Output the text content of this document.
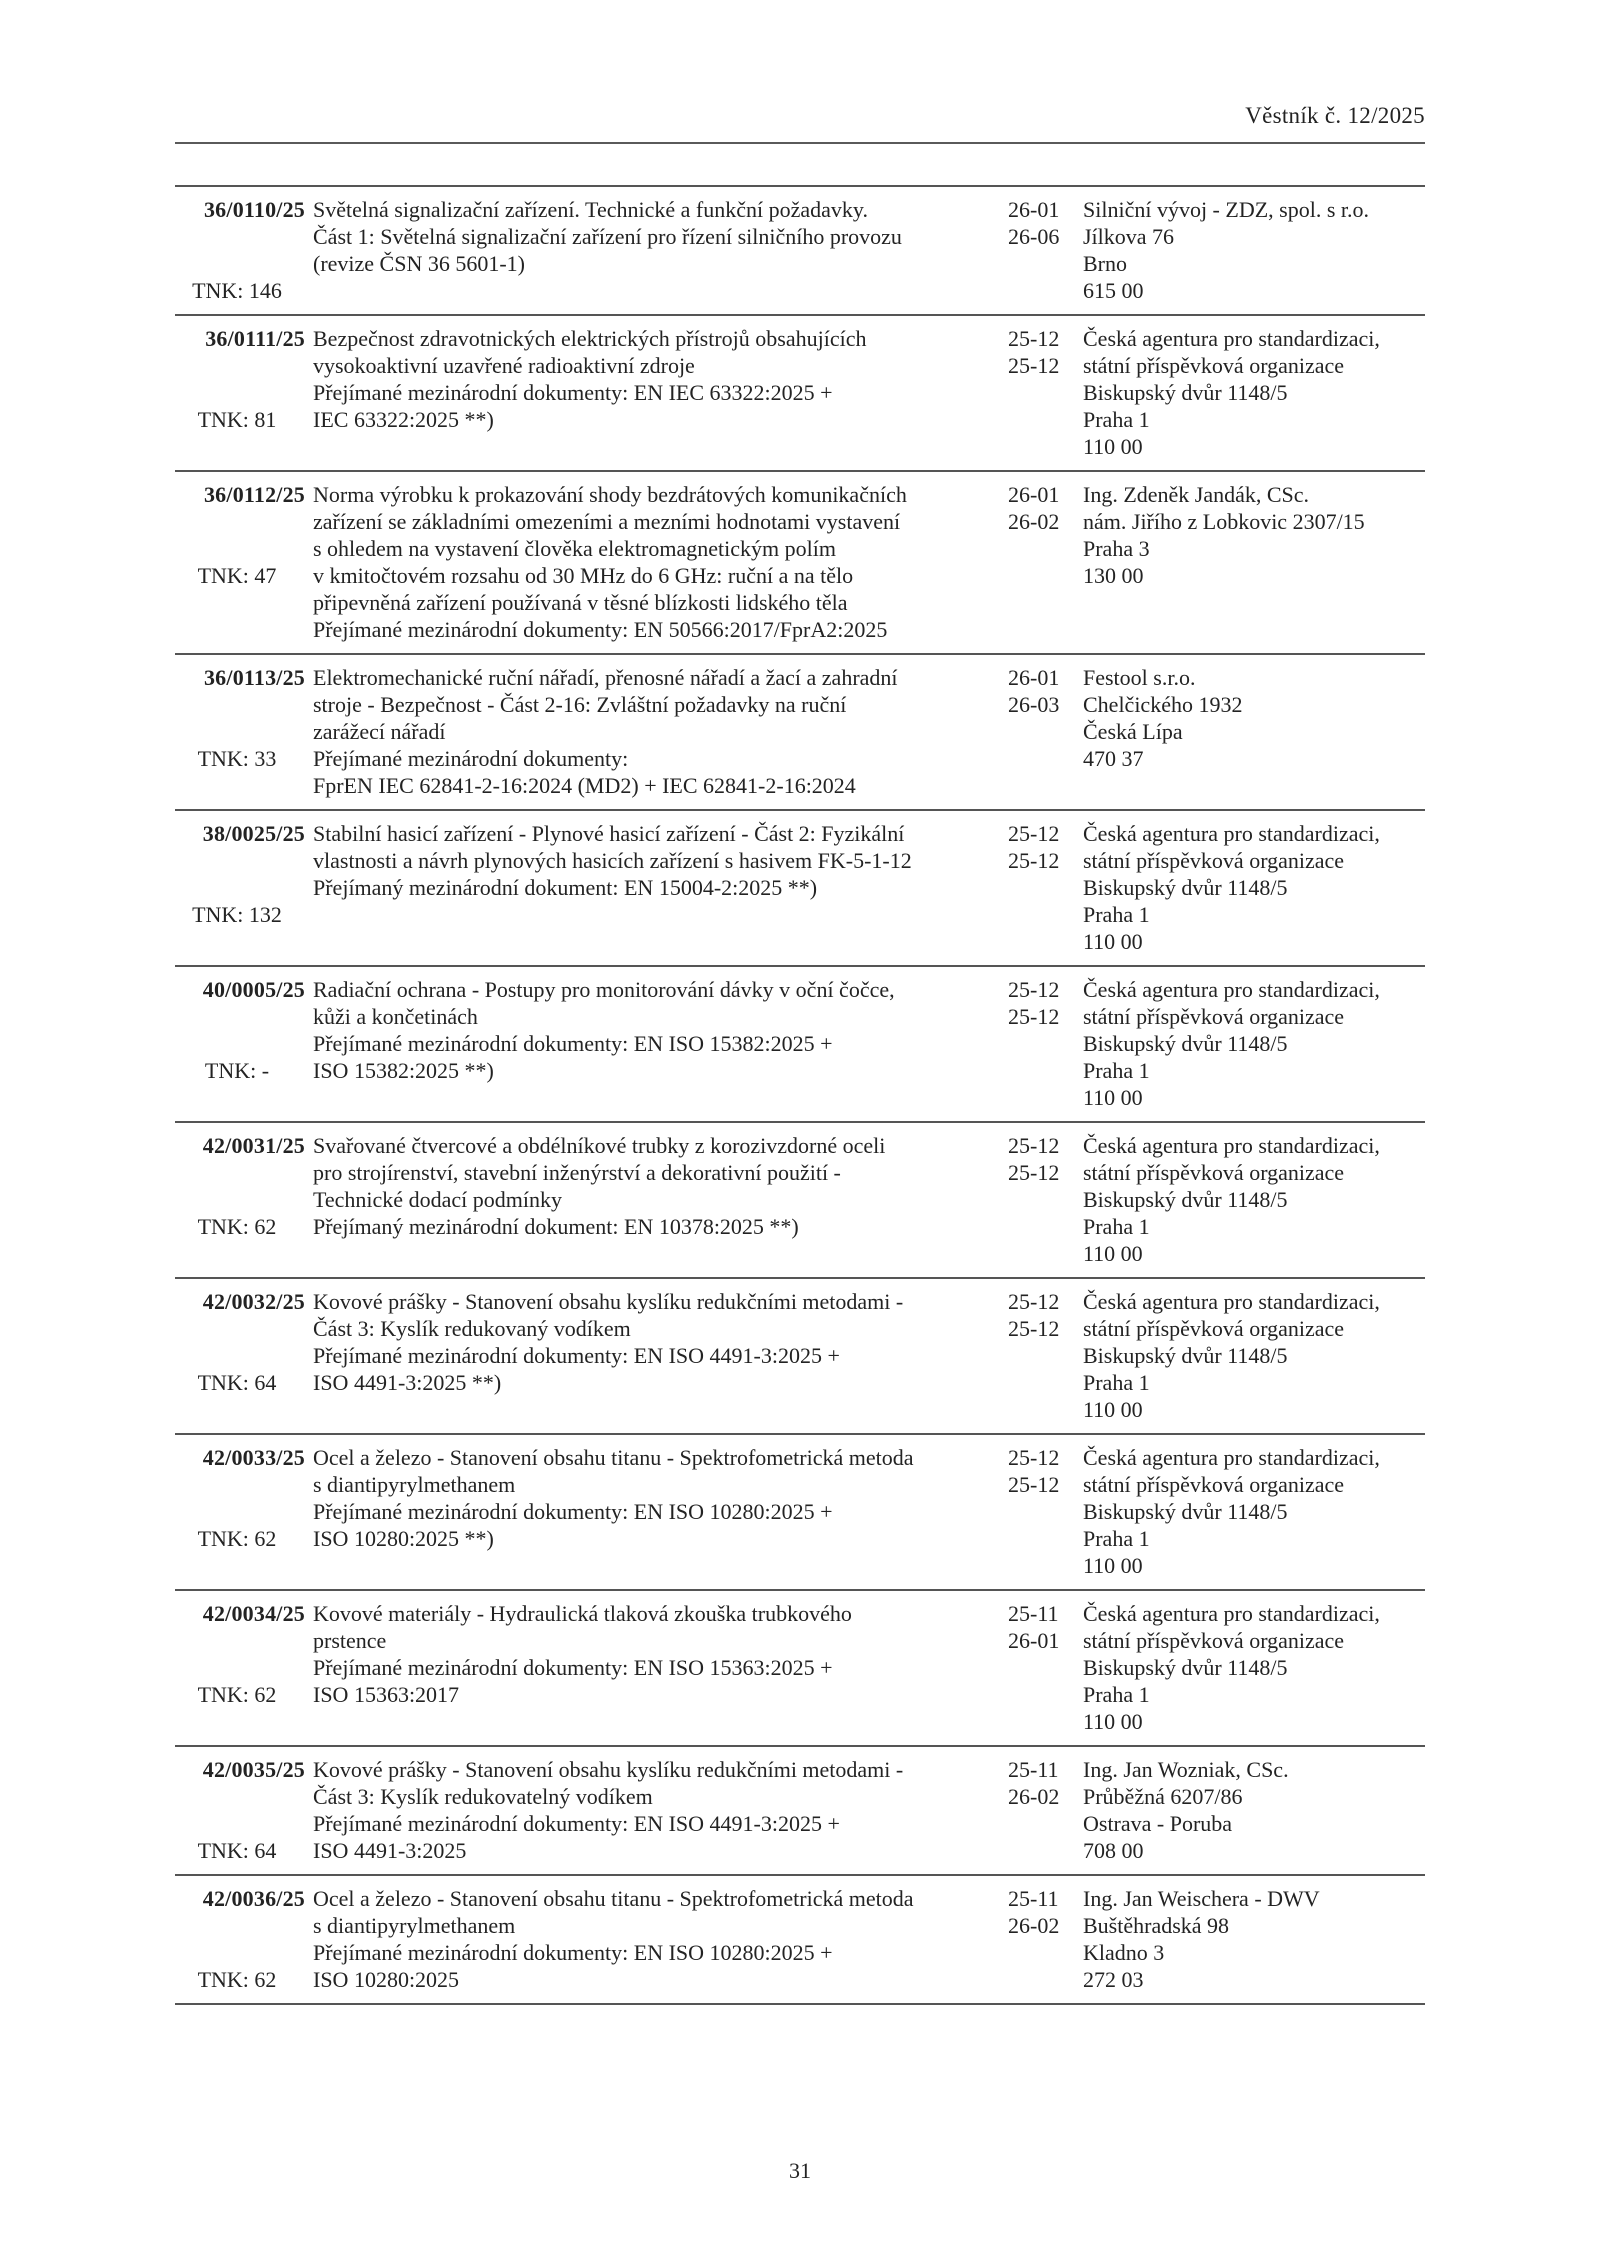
Věstník č. 12/2025
36/0110/25
TNK: 146
Světelná signalizační zařízení. Technické a funkční požadavky.
Část 1: Světelná signalizační zařízení pro řízení silničního provozu
(revize ČSN 36 5601-1)
26-01
26-06
Silniční vývoj - ZDZ, spol. s r.o.
Jílkova 76
Brno
615 00
36/0111/25
TNK: 81
Bezpečnost zdravotnických elektrických přístrojů obsahujících
vysokoaktivní uzavřené radioaktivní zdroje
Přejímané mezinárodní dokumenty: EN IEC 63322:2025 +
IEC 63322:2025 **)
25-12
25-12
Česká agentura pro standardizaci,
státní příspěvková organizace
Biskupský dvůr 1148/5
Praha 1
110 00
36/0112/25
TNK: 47
Norma výrobku k prokazování shody bezdrátových komunikačních
zařízení se základními omezeními a mezními hodnotami vystavení
s ohledem na vystavení člověka elektromagnetickým polím
v kmitočtovém rozsahu od 30 MHz do 6 GHz: ruční a na tělo
připevněná zařízení používaná v těsné blízkosti lidského těla
Přejímané mezinárodní dokumenty: EN 50566:2017/FprA2:2025
26-01
26-02
Ing. Zdeněk Jandák, CSc.
nám. Jiřího z Lobkovic 2307/15
Praha 3
130 00
36/0113/25
TNK: 33
Elektromechanické ruční nářadí, přenosné nářadí a žací a zahradní
stroje - Bezpečnost - Část 2-16: Zvláštní požadavky na ruční
zarážecí nářadí
Přejímané mezinárodní dokumenty:
FprEN IEC 62841-2-16:2024 (MD2) + IEC 62841-2-16:2024
26-01
26-03
Festool s.r.o.
Chelčického 1932
Česká Lípa
470 37
38/0025/25
TNK: 132
Stabilní hasicí zařízení - Plynové hasicí zařízení - Část 2: Fyzikální
vlastnosti a návrh plynových hasicích zařízení s hasivem FK-5-1-12
Přejímaný mezinárodní dokument: EN 15004-2:2025 **)
25-12
25-12
Česká agentura pro standardizaci,
státní příspěvková organizace
Biskupský dvůr 1148/5
Praha 1
110 00
40/0005/25
TNK: -
Radiační ochrana - Postupy pro monitorování dávky v oční čočce,
kůži a končetinách
Přejímané mezinárodní dokumenty: EN ISO 15382:2025 +
ISO 15382:2025 **)
25-12
25-12
Česká agentura pro standardizaci,
státní příspěvková organizace
Biskupský dvůr 1148/5
Praha 1
110 00
42/0031/25
TNK: 62
Svařované čtvercové a obdélníkové trubky z korozivzdorné oceli
pro strojírenství, stavební inženýrství a dekorativní použití -
Technické dodací podmínky
Přejímaný mezinárodní dokument: EN 10378:2025 **)
25-12
25-12
Česká agentura pro standardizaci,
státní příspěvková organizace
Biskupský dvůr 1148/5
Praha 1
110 00
42/0032/25
TNK: 64
Kovové prášky - Stanovení obsahu kyslíku redukčními metodami -
Část 3: Kyslík redukovaný vodíkem
Přejímané mezinárodní dokumenty: EN ISO 4491-3:2025 +
ISO 4491-3:2025 **)
25-12
25-12
Česká agentura pro standardizaci,
státní příspěvková organizace
Biskupský dvůr 1148/5
Praha 1
110 00
42/0033/25
TNK: 62
Ocel a železo - Stanovení obsahu titanu - Spektrofometrická metoda
s diantipyrylmethanem
Přejímané mezinárodní dokumenty: EN ISO 10280:2025 +
ISO 10280:2025 **)
25-12
25-12
Česká agentura pro standardizaci,
státní příspěvková organizace
Biskupský dvůr 1148/5
Praha 1
110 00
42/0034/25
TNK: 62
Kovové materiály - Hydraulická tlaková zkouška trubkového
prstence
Přejímané mezinárodní dokumenty: EN ISO 15363:2025 +
ISO 15363:2017
25-11
26-01
Česká agentura pro standardizaci,
státní příspěvková organizace
Biskupský dvůr 1148/5
Praha 1
110 00
42/0035/25
TNK: 64
Kovové prášky - Stanovení obsahu kyslíku redukčními metodami -
Část 3: Kyslík redukovatelný vodíkem
Přejímané mezinárodní dokumenty: EN ISO 4491-3:2025 +
ISO 4491-3:2025
25-11
26-02
Ing. Jan Wozniak, CSc.
Průběžná 6207/86
Ostrava - Poruba
708 00
42/0036/25
TNK: 62
Ocel a železo - Stanovení obsahu titanu - Spektrofometrická metoda
s diantipyrylmethanem
Přejímané mezinárodní dokumenty: EN ISO 10280:2025 +
ISO 10280:2025
25-11
26-02
Ing. Jan Weischera - DWV
Buštěhradská 98
Kladno 3
272 03
31
